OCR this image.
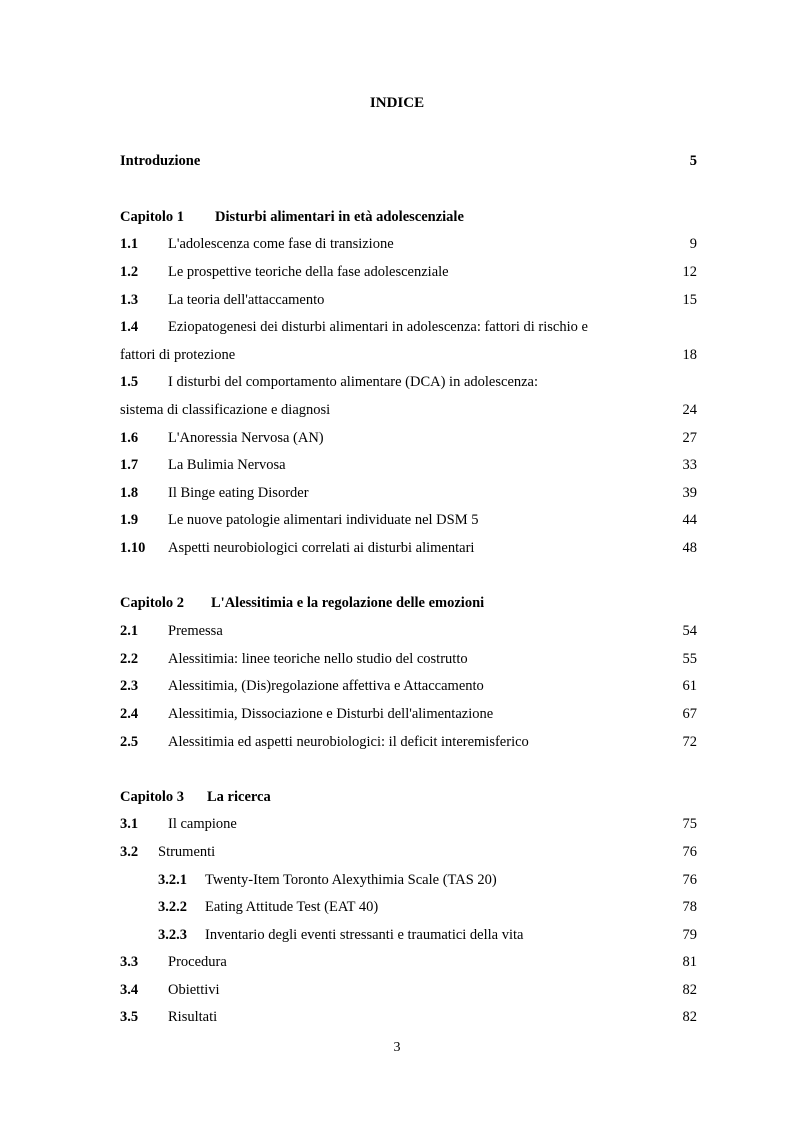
INDICE
Introduzione	5
Capitolo 1 Disturbi alimentari in età adolescenziale
1.1 L'adolescenza come fase di transizione	9
1.2 Le prospettive teoriche della fase adolescenziale	12
1.3 La teoria dell'attaccamento	15
1.4 Eziopatogenesi dei disturbi alimentari in adolescenza: fattori di rischio e
fattori di protezione	18
1.5 I disturbi del comportamento alimentare (DCA) in adolescenza:
sistema di classificazione e diagnosi	24
1.6 L'Anoressia Nervosa (AN)	27
1.7 La Bulimia Nervosa	33
1.8 Il Binge eating Disorder	39
1.9 Le nuove patologie alimentari individuate nel DSM 5	44
1.10 Aspetti neurobiologici correlati ai disturbi alimentari	48
Capitolo 2 L'Alessitimia e la regolazione delle emozioni
2.1 Premessa	54
2.2 Alessitimia: linee teoriche nello studio del costrutto	55
2.3 Alessitimia, (Dis)regolazione affettiva e Attaccamento	61
2.4 Alessitimia, Dissociazione e Disturbi dell'alimentazione	67
2.5 Alessitimia ed aspetti neurobiologici: il deficit interemisferico	72
Capitolo 3 La ricerca
3.1 Il campione	75
3.2 Strumenti	76
3.2.1 Twenty-Item Toronto Alexythimia Scale (TAS 20)	76
3.2.2 Eating Attitude Test (EAT 40)	78
3.2.3 Inventario degli eventi stressanti e traumatici della vita	79
3.3 Procedura	81
3.4 Obiettivi	82
3.5 Risultati	82
3
